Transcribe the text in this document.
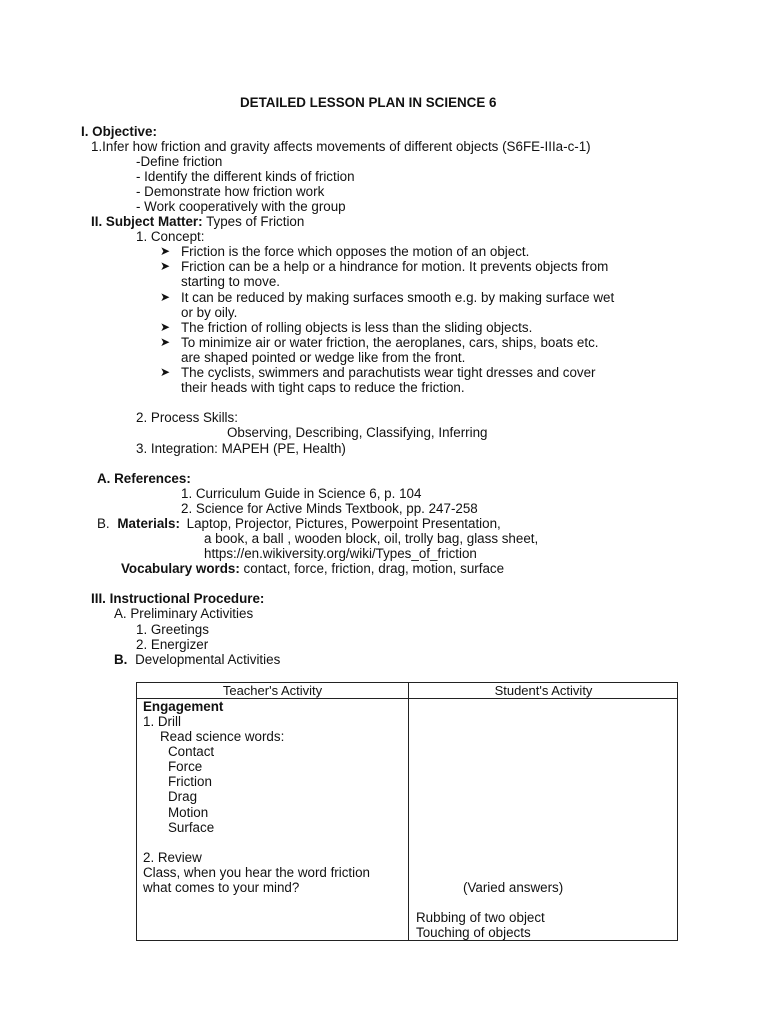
DETAILED LESSON PLAN IN SCIENCE 6
I. Objective:
1.Infer how friction and gravity affects movements of different objects (S6FE-IIIa-c-1)
-Define friction
- Identify the different kinds of friction
- Demonstrate how friction work
- Work cooperatively with the group
II. Subject Matter: Types of Friction
1. Concept:
➤ Friction is the force which opposes the motion of an object.
➤ Friction can be a help or a hindrance for motion. It prevents objects from
starting to move.
➤ It can be reduced by making surfaces smooth e.g. by making surface wet
or by oily.
➤ The friction of rolling objects is less than the sliding objects.
➤ To minimize air or water friction, the aeroplanes, cars, ships, boats etc.
are shaped pointed or wedge like from the front.
➤ The cyclists, swimmers and parachutists wear tight dresses and cover
their heads with tight caps to reduce the friction.
2. Process Skills:
Observing, Describing, Classifying, Inferring
3. Integration: MAPEH (PE, Health)
A. References:
1. Curriculum Guide in Science 6, p. 104
2. Science for Active Minds Textbook, pp. 247-258
B. Materials: Laptop, Projector, Pictures, Powerpoint Presentation,
a book, a ball , wooden block, oil, trolly bag, glass sheet,
https://en.wikiversity.org/wiki/Types_of_friction
Vocabulary words: contact, force, friction, drag, motion, surface
III. Instructional Procedure:
A. Preliminary Activities
1. Greetings
2. Energizer
B. Developmental Activities
Teacher's Activity	Student's Activity
Engagement
1. Drill
Read science words:
Contact
Force
Friction
Drag
Motion
Surface
2. Review
Class, when you hear the word friction
what comes to your mind?	(Varied answers)
Rubbing of two object
Touching of objects
